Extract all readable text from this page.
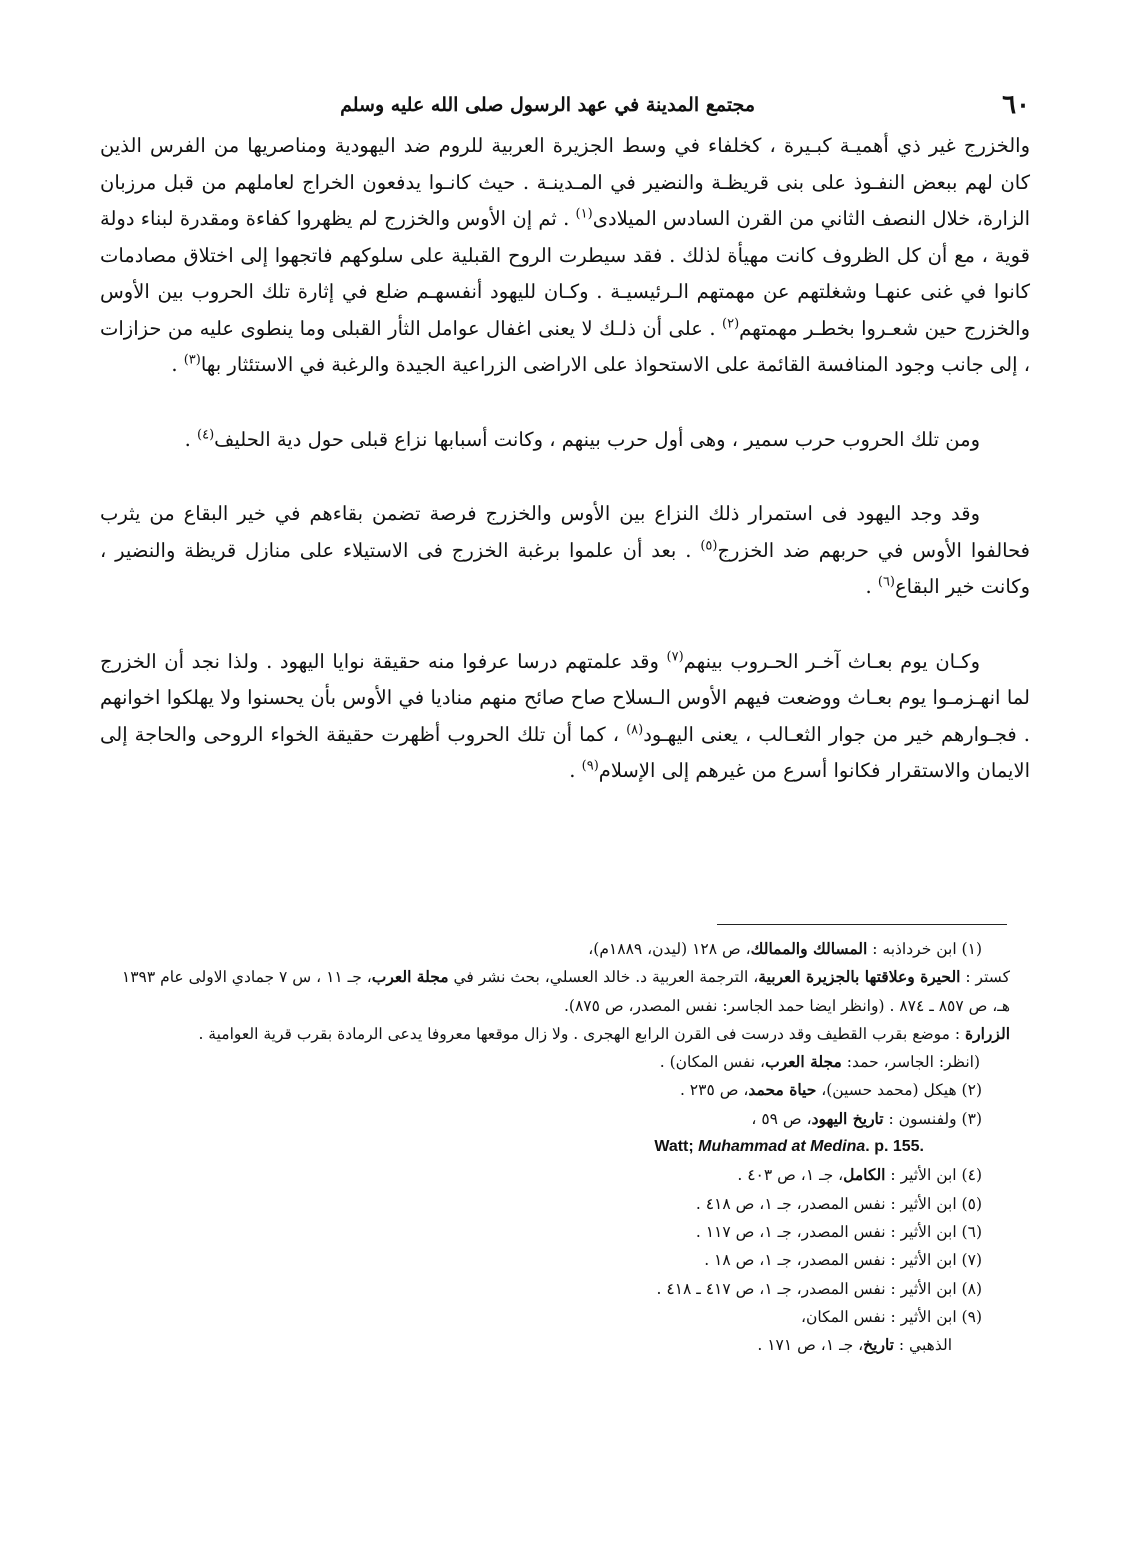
٦٠
مجتمع المدينة في عهد الرسول صلى الله عليه وسلم

والخزرج غير ذي أهميـة كبـيرة ، كخلفاء في وسط الجزيرة العربية للروم ضد اليهودية ومناصريها من الفرس الذين كان لهم ببعض النفـوذ على بنى قريظـة والنضير في المـدينـة . حيث كانـوا يدفعون الخراج لعاملهم من قبل مرزبان الزارة، خلال النصف الثاني من القرن السادس الميلادى$^{(١)}$ . ثم إن الأوس والخزرج لم يظهروا كفاءة ومقدرة لبناء دولة قوية ، مع أن كل الظروف كانت مهيأة لذلك . فقد سيطرت الروح القبلية على سلوكهم فاتجهوا إلى اختلاق مصادمات كانوا في غنى عنهـا وشغلتهم عن مهمتهم الـرئيسيـة . وكـان لليهود أنفسهـم ضلع في إثارة تلك الحروب بين الأوس والخزرج حين شعـروا بخطـر مهمتهم$^{(٢)}$ . على أن ذلـك لا يعنى اغفال عوامل الثأر القبلى وما ينطوى عليه من حزازات ، إلى جانب وجود المنافسة القائمة على الاستحواذ على الاراضى الزراعية الجيدة والرغبة في الاستئثار بها$^{(٣)}$ .

ومن تلك الحروب حرب سمير ، وهى أول حرب بينهم ، وكانت أسبابها نزاع قبلى حول دية الحليف$^{(٤)}$ .

وقد وجد اليهود فى استمرار ذلك النزاع بين الأوس والخزرج فرصة تضمن بقاءهم في خير البقاع من يثرب فحالفوا الأوس في حربهم ضد الخزرج$^{(٥)}$ . بعد أن علموا برغبة الخزرج فى الاستيلاء على منازل قريظة والنضير ، وكانت خير البقاع$^{(٦)}$ .

وكـان يوم بعـاث آخـر الحـروب بينهم$^{(٧)}$ وقد علمتهم درسا عرفوا منه حقيقة نوايا اليهود . ولذا نجد أن الخزرج لما انهـزمـوا يوم بعـاث ووضعت فيهم الأوس الـسلاح صاح صائح منهم مناديا في الأوس بأن يحسنوا ولا يهلكوا اخوانهم . فجـوارهم خير من جوار الثعـالب ، يعنى اليهـود$^{(٨)}$ ، كما أن تلك الحروب أظهرت حقيقة الخواء الروحى والحاجة إلى الايمان والاستقرار فكانوا أسرع من غيرهم إلى الإسلام$^{(٩)}$ .

(١) ابن خرداذبه : المسالك والممالك، ص ١٢٨ (ليدن، ١٨٨٩م)،
كستر : الحيرة وعلاقتها بالجزيرة العربية، الترجمة العربية د. خالد العسلي، بحث نشر في مجلة العرب، جـ ١١ ، س ٧ جمادي الاولى عام ١٣٩٣ هـ، ص ٨٥٧ ـ ٨٧٤ . (وانظر ايضا حمد الجاسر: نفس المصدر، ص ٨٧٥).
الزرارة : موضع بقرب القطيف وقد درست فى القرن الرابع الهجرى . ولا زال موقعها معروفا يدعى الرمادة بقرب قرية العوامية .
(انظر: الجاسر، حمد: مجلة العرب، نفس المكان) .
(٢) هيكل (محمد حسين)، حياة محمد، ص ٢٣٥ .
(٣) ولفنسون : تاريخ اليهود، ص ٥٩ ،
Watt; Muhammad at Medina. p. 155.
(٤) ابن الأثير : الكامل، جـ ١، ص ٤٠٣ .
(٥) ابن الأثير : نفس المصدر، جـ ١، ص ٤١٨ .
(٦) ابن الأثير : نفس المصدر، جـ ١، ص ١١٧ .
(٧) ابن الأثير : نفس المصدر، جـ ١، ص ١٨ .
(٨) ابن الأثير : نفس المصدر، جـ ١، ص ٤١٧ ـ ٤١٨ .
(٩) ابن الأثير : نفس المكان،
الذهبي : تاريخ، جـ ١، ص ١٧١ .
